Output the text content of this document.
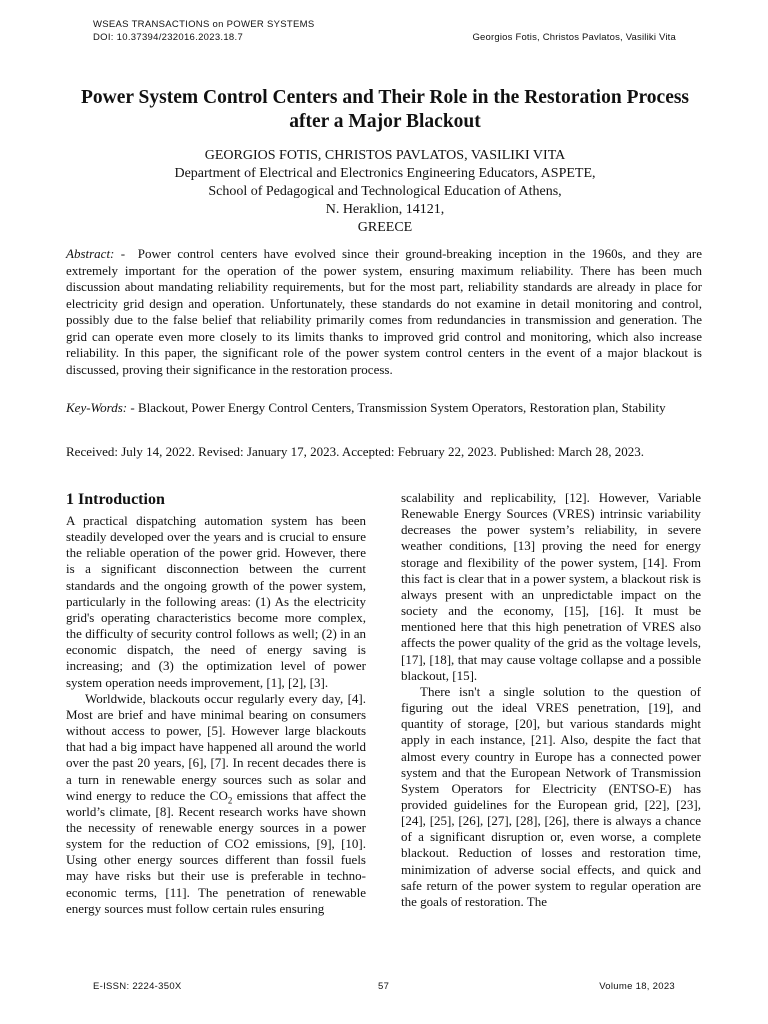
WSEAS TRANSACTIONS on POWER SYSTEMS
DOI: 10.37394/232016.2023.18.7	Georgios Fotis, Christos Pavlatos, Vasiliki Vita
Power System Control Centers and Their Role in the Restoration Process after a Major Blackout
GEORGIOS FOTIS, CHRISTOS PAVLATOS, VASILIKI VITA
Department of Electrical and Electronics Engineering Educators, ASPETE,
School of Pedagogical and Technological Education of Athens,
N. Heraklion, 14121,
GREECE
Abstract: - Power control centers have evolved since their ground-breaking inception in the 1960s, and they are extremely important for the operation of the power system, ensuring maximum reliability. There has been much discussion about mandating reliability requirements, but for the most part, reliability standards are already in place for electricity grid design and operation. Unfortunately, these standards do not examine in detail monitoring and control, possibly due to the false belief that reliability primarily comes from redundancies in transmission and generation. The grid can operate even more closely to its limits thanks to improved grid control and monitoring, which also increase reliability. In this paper, the significant role of the power system control centers in the event of a major blackout is discussed, proving their significance in the restoration process.
Key-Words: - Blackout, Power Energy Control Centers, Transmission System Operators, Restoration plan, Stability
Received: July 14, 2022. Revised: January 17, 2023. Accepted: February 22, 2023. Published: March 28, 2023.
1 Introduction

A practical dispatching automation system has been steadily developed over the years and is crucial to ensure the reliable operation of the power grid. However, there is a significant disconnection between the current standards and the ongoing growth of the power system, particularly in the following areas: (1) As the electricity grid's operating characteristics become more complex, the difficulty of security control follows as well; (2) in an economic dispatch, the need of energy saving is increasing; and (3) the optimization level of power system operation needs improvement, [1], [2], [3].

Worldwide, blackouts occur regularly every day, [4]. Most are brief and have minimal bearing on consumers without access to power, [5]. However large blackouts that had a big impact have happened all around the world over the past 20 years, [6], [7]. In recent decades there is a turn in renewable energy sources such as solar and wind energy to reduce the $CO_2$ emissions that affect the world’s climate, [8]. Recent research works have shown the necessity of renewable energy sources in a power system for the reduction of CO2 emissions, [9], [10]. Using other energy sources different than fossil fuels may have risks but their use is preferable in techno-economic terms, [11]. The penetration of renewable energy sources must follow certain rules ensuring

scalability and replicability, [12]. However, Variable Renewable Energy Sources (VRES) intrinsic variability decreases the power system’s reliability, in severe weather conditions, [13] proving the need for energy storage and flexibility of the power system, [14]. From this fact is clear that in a power system, a blackout risk is always present with an unpredictable impact on the society and the economy, [15], [16]. It must be mentioned here that this high penetration of VRES also affects the power quality of the grid as the voltage levels, [17], [18], that may cause voltage collapse and a possible blackout, [15].

There isn't a single solution to the question of figuring out the ideal VRES penetration, [19], and quantity of storage, [20], but various standards might apply in each instance, [21]. Also, despite the fact that almost every country in Europe has a connected power system and that the European Network of Transmission System Operators for Electricity (ENTSO-E) has provided guidelines for the European grid, [22], [23], [24], [25], [26], [27], [28], [26], there is always a chance of a significant disruption or, even worse, a complete blackout. Reduction of losses and restoration time, minimization of adverse social effects, and quick and safe return of the power system to regular operation are the goals of restoration. The

E-ISSN: 2224-350X	57	Volume 18, 2023
